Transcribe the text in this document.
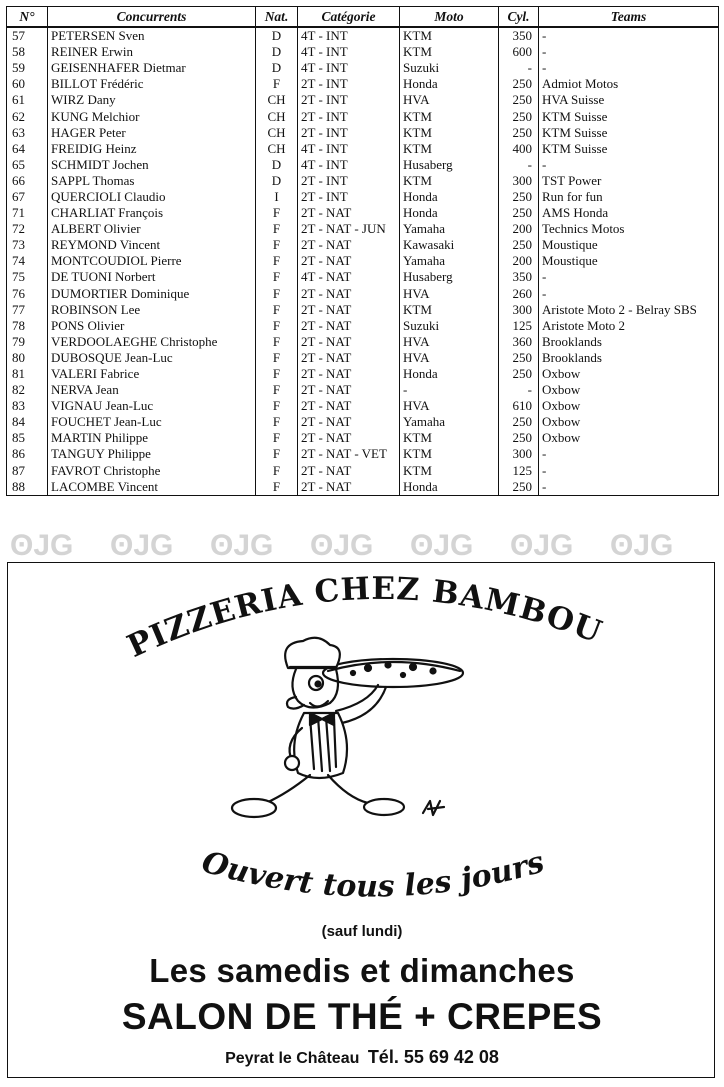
ʘJG ʘJG ʘJG ʘJG ʘJG ʘJG ʘJG
N°	Concurrents	Nat.	Catégorie	Moto	Cyl.	Teams
57	PETERSEN Sven	D	4T - INT	KTM	350	-
58	REINER Erwin	D	4T - INT	KTM	600	-
59	GEISENHAFER Dietmar	D	4T - INT	Suzuki	-	-
60	BILLOT Frédéric	F	2T - INT	Honda	250	Admiot Motos
61	WIRZ Dany	CH	2T - INT	HVA	250	HVA Suisse
62	KUNG Melchior	CH	2T - INT	KTM	250	KTM Suisse
63	HAGER Peter	CH	2T - INT	KTM	250	KTM Suisse
64	FREIDIG Heinz	CH	4T - INT	KTM	400	KTM Suisse
65	SCHMIDT Jochen	D	4T - INT	Husaberg	-	-
66	SAPPL Thomas	D	2T - INT	KTM	300	TST Power
67	QUERCIOLI Claudio	I	2T - INT	Honda	250	Run for fun
71	CHARLIAT François	F	2T - NAT	Honda	250	AMS Honda
72	ALBERT Olivier	F	2T - NAT - JUN	Yamaha	200	Technics Motos
73	REYMOND Vincent	F	2T - NAT	Kawasaki	250	Moustique
74	MONTCOUDIOL Pierre	F	2T - NAT	Yamaha	200	Moustique
75	DE TUONI Norbert	F	4T - NAT	Husaberg	350	-
76	DUMORTIER Dominique	F	2T - NAT	HVA	260	-
77	ROBINSON Lee	F	2T - NAT	KTM	300	Aristote Moto 2 - Belray SBS
78	PONS Olivier	F	2T - NAT	Suzuki	125	Aristote Moto 2
79	VERDOOLAEGHE Christophe	F	2T - NAT	HVA	360	Brooklands
80	DUBOSQUE Jean-Luc	F	2T - NAT	HVA	250	Brooklands
81	VALERI Fabrice	F	2T - NAT	Honda	250	Oxbow
82	NERVA Jean	F	2T - NAT	-	-	Oxbow
83	VIGNAU Jean-Luc	F	2T - NAT	HVA	610	Oxbow
84	FOUCHET Jean-Luc	F	2T - NAT	Yamaha	250	Oxbow
85	MARTIN Philippe	F	2T - NAT	KTM	250	Oxbow
86	TANGUY Philippe	F	2T - NAT - VET	KTM	300	-
87	FAVROT Christophe	F	2T - NAT	KTM	125	-
88	LACOMBE Vincent	F	2T - NAT	Honda	250	-
PIZZERIA CHEZ BAMBOU
Ouvert tous les jours
(sauf lundi)
Les samedis et dimanches
SALON DE THÉ + CREPES
Peyrat le Château Tél. 55 69 42 08
